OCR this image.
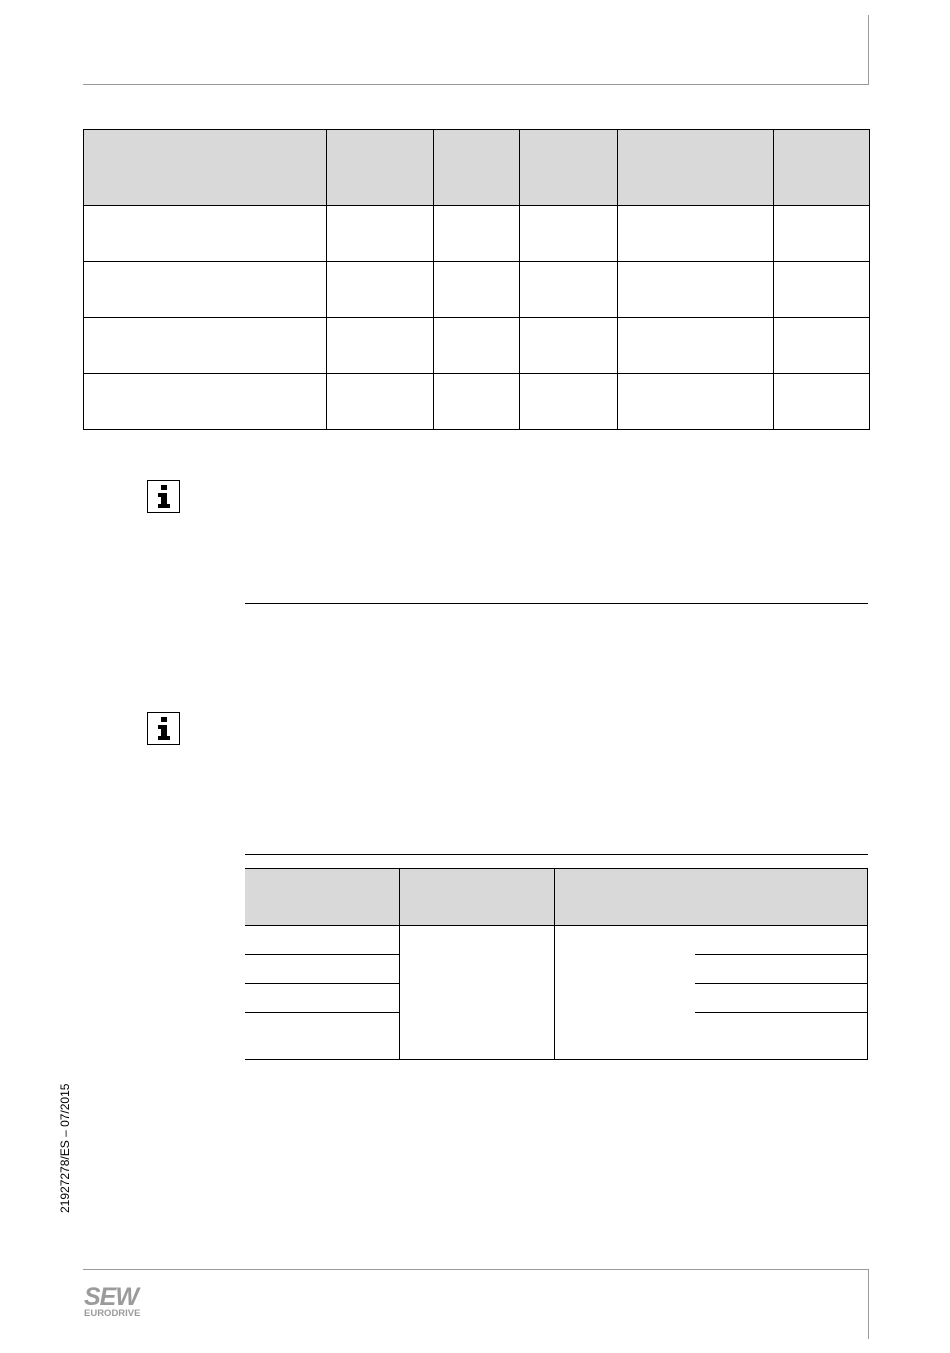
21927278/ES – 07/2015
SEW
EURODRIVE
